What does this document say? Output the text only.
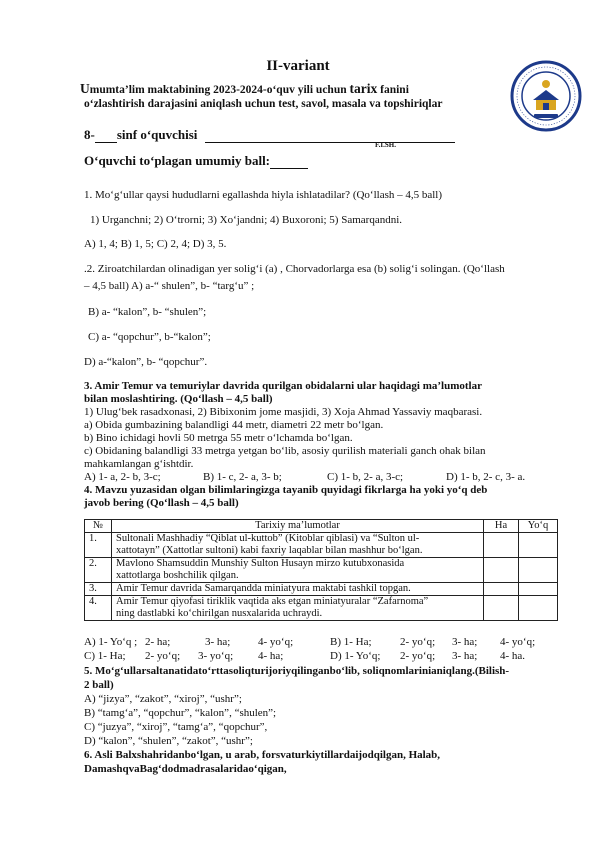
II-variant
Umumta’lim maktabining 2023-2024-o‘quv yili uchun tarix fanini
o‘zlashtirish darajasini aniqlash uchun test, savol, masala va topshiriqlar
8- sinf o‘quvchisi
F.I.SH.
O‘quvchi to‘plagan umumiy ball:
1. Mo‘g‘ullar qaysi hududlarni egallashda hiyla ishlatadilar? (Qo‘llash – 4,5 ball)
1) Urganchni; 2) O‘trorni; 3) Xo‘jandni; 4) Buxoroni; 5) Samarqandni.
A) 1, 4; B) 1, 5; C) 2, 4; D) 3, 5.
.2. Ziroatchilardan olinadigan yer solig‘i (a) , Chorvadorlarga esa (b) solig‘i solingan. (Qo‘llash
– 4,5 ball) A) a-“ shulen”, b- “targ‘u” ;
B) a- “kalon”, b- “shulen”;
C) a- “qopchur”, b-“kalon”;
D) a-“kalon”, b- “qopchur”.
3. Amir Temur va temuriylar davrida qurilgan obidalarni ular haqidagi ma’lumotlar
bilan moslashtiring. (Qo‘llash – 4,5 ball)
1) Ulug‘bek rasadxonasi, 2) Bibixonim jome masjidi, 3) Xoja Ahmad Yassaviy maqbarasi.
a) Obida gumbazining balandligi 44 metr, diametri 22 metr bo‘lgan.
b) Bino ichidagi hovli 50 metrga 55 metr o‘lchamda bo‘lgan.
c) Obidaning balandligi 33 metrga yetgan bo‘lib, asosiy qurilish materiali ganch ohak bilan
mahkamlangan g‘ishtdir.
A) 1- a, 2- b, 3-c;	B) 1- c, 2- a, 3- b;	C) 1- b, 2- a, 3-c;	D) 1- b, 2- c, 3- a.
4. Mavzu yuzasidan olgan bilimlaringizga tayanib quyidagi fikrlarga ha yoki yo‘q deb
javob bering (Qo‘llash – 4,5 ball)
№	Tarixiy ma’lumotlar	Ha	Yo‘q
1.	Sultonali Mashhadiy “Qiblat ul-kuttob” (Kitoblar qiblasi) va “Sulton ul-
xattotayn” (Xattotlar sultoni) kabi faxriy laqablar bilan mashhur bo‘lgan.		

2.	Mavlono Shamsuddin Munshiy Sulton Husayn mirzo kutubxonasida
xattotlarga boshchilik qilgan.		

3.	Amir Temur davrida Samarqandda miniatyura maktabi tashkil topgan.		
4.	Amir Temur qiyofasi tiriklik vaqtida aks etgan miniatyuralar “Zafarnoma”
ning dastlabki ko‘chirilgan nusxalarida uchraydi.		

A) 1- Yo‘q ; 2- ha;	3- ha;	4- yo‘q;	B) 1- Ha;	2- yo‘q; 3- ha; 4- yo‘q;
C) 1- Ha; 2- yo‘q; 3- yo‘q; 4- ha;	D) 1- Yo‘q; 2- yo‘q; 3- ha; 4- ha.
5. Mo‘g‘ullarsaltanatidato‘rttasoliqturijoriyqilinganbo‘lib, soliqnomlarinianiqlang.(Bilish-
2 ball)
A) “jizya”, “zakot”, “xiroj”, “ushr”;
B) “tamg‘a”, “qopchur”, “kalon”, “shulen”;
C) “juzya”, “xiroj”, “tamg‘a”, “qopchur”,
D) “kalon”, “shulen”, “zakot”, “ushr”;
6. Asli Balxshahridanbo‘lgan, u arab, forsvaturkiytillardaijodqilgan, Halab,
DamashqvaBag‘dodmadrasalaridao‘qigan,
